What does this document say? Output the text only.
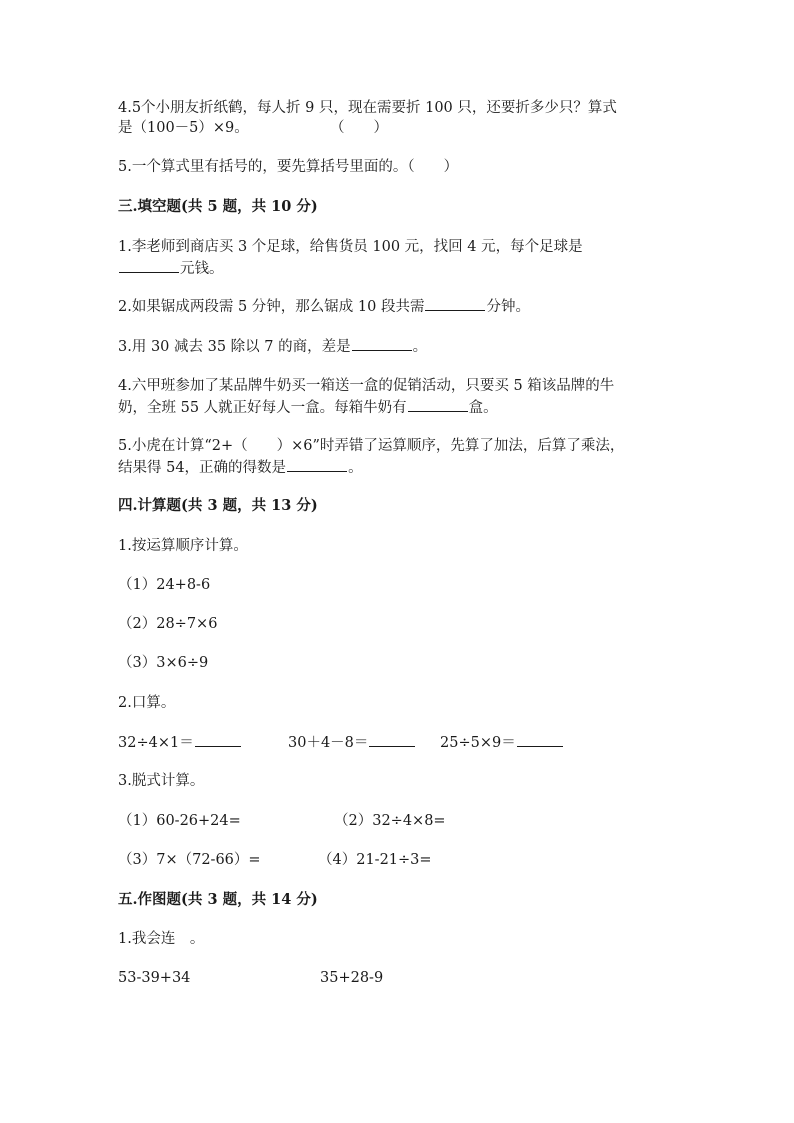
4.5个小朋友折纸鹤，每人折 9 只，现在需要折 100 只，还要折多少只？算式
是（100－5）×9。	（　　）
5.一个算式里有括号的，要先算括号里面的。（　　）
三.填空题(共 5 题，共 10 分)
1.李老师到商店买 3 个足球，给售货员 100 元，找回 4 元，每个足球是
元钱。
2.如果锯成两段需 5 分钟，那么锯成 10 段共需	分钟。
3.用 30 减去 35 除以 7 的商，差是	。
4.六甲班参加了某品牌牛奶买一箱送一盒的促销活动，只要买 5 箱该品牌的牛
奶，全班 55 人就正好每人一盒。每箱牛奶有	盒。
5.小虎在计算“2+（　　）×6”时弄错了运算顺序，先算了加法，后算了乘法，
结果得 54，正确的得数是	。
四.计算题(共 3 题，共 13 分)
1.按运算顺序计算。
（1）24+8-6
（2）28÷7×6
（3）3×6÷9
2.口算。
32÷4×1＝	30＋4－8＝	25÷5×9＝
3.脱式计算。
（1）60-26+24=	（2）32÷4×8=
（3）7×（72-66）=	（4）21-21÷3=
五.作图题(共 3 题，共 14 分)
1.我会连　。
53-39+34	35+28-9
